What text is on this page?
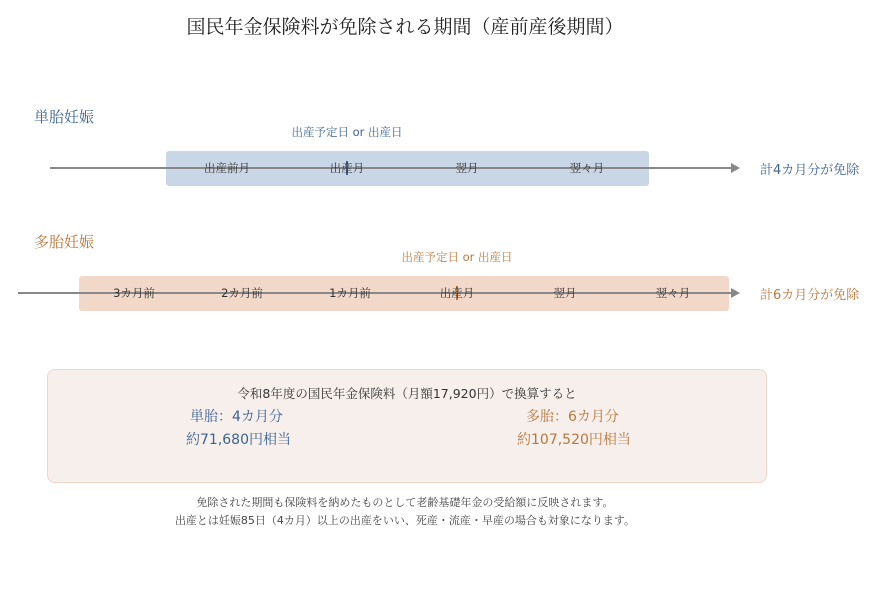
国民年金保険料が免除される期間（産前産後期間）
単胎妊娠
出産予定日 or 出産日
出産前月	出産月	翌月	翌々月	計4カ月分が免除
多胎妊娠
出産予定日 or 出産日
3カ月前	2カ月前	1カ月前	出産月	翌月	翌々月	計6カ月分が免除
令和8年度の国民年金保険料（月額17,920円）で換算すると
単胎：4カ月分
約71,680円相当
多胎：6カ月分
約107,520円相当
免除された期間も保険料を納めたものとして老齢基礎年金の受給額に反映されます。
出産とは妊娠85日（4カ月）以上の出産をいい、死産・流産・早産の場合も対象になります。
